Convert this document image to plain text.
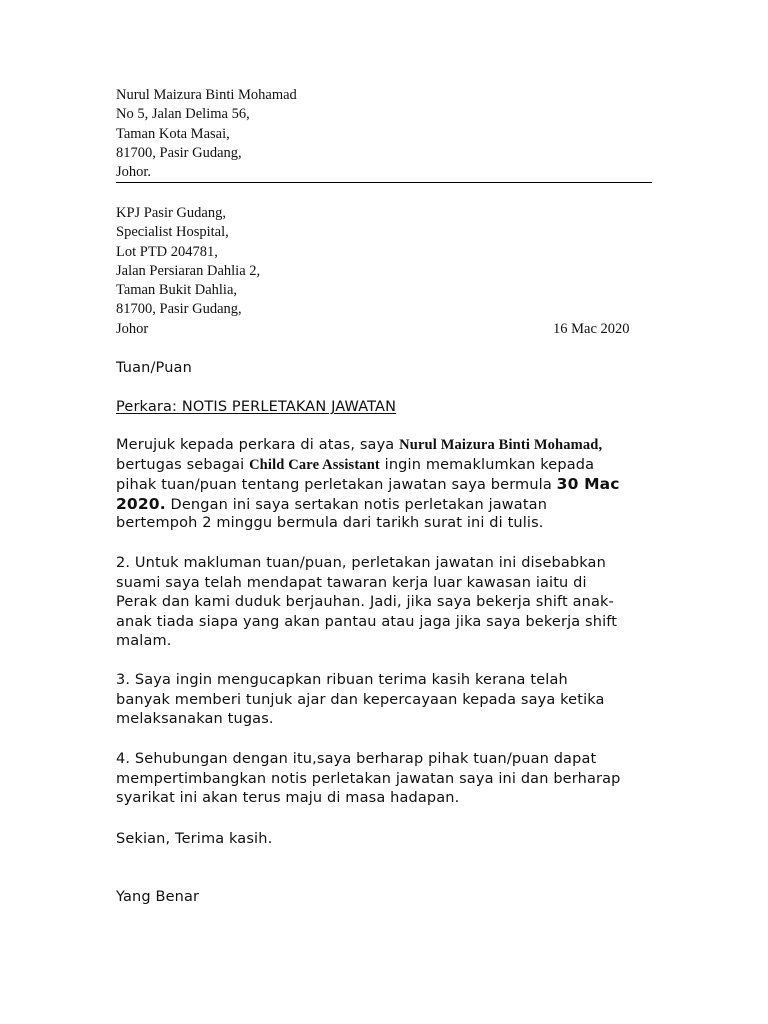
Nurul Maizura Binti Mohamad
No 5, Jalan Delima 56,
Taman Kota Masai,
81700, Pasir Gudang,
Johor.
KPJ Pasir Gudang,
Specialist Hospital,
Lot PTD 204781,
Jalan Persiaran Dahlia 2,
Taman Bukit Dahlia,
81700, Pasir Gudang,
Johor	16 Mac 2020
Tuan/Puan
Perkara: NOTIS PERLETAKAN JAWATAN
Merujuk kepada perkara di atas, saya Nurul Maizura Binti Mohamad,
bertugas sebagai Child Care Assistant ingin memaklumkan kepada
pihak tuan/puan tentang perletakan jawatan saya bermula 30 Mac
2020. Dengan ini saya sertakan notis perletakan jawatan
bertempoh 2 minggu bermula dari tarikh surat ini di tulis.
2. Untuk makluman tuan/puan, perletakan jawatan ini disebabkan
suami saya telah mendapat tawaran kerja luar kawasan iaitu di
Perak dan kami duduk berjauhan. Jadi, jika saya bekerja shift anak-
anak tiada siapa yang akan pantau atau jaga jika saya bekerja shift
malam.
3. Saya ingin mengucapkan ribuan terima kasih kerana telah
banyak memberi tunjuk ajar dan kepercayaan kepada saya ketika
melaksanakan tugas.
4. Sehubungan dengan itu,saya berharap pihak tuan/puan dapat
mempertimbangkan notis perletakan jawatan saya ini dan berharap
syarikat ini akan terus maju di masa hadapan.
Sekian, Terima kasih.
Yang Benar
